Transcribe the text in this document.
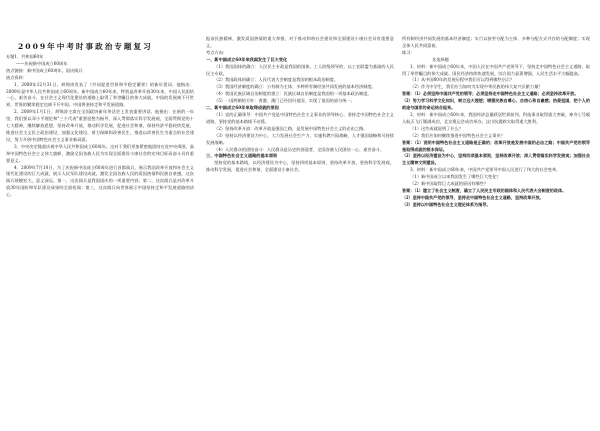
2009年中考时事政治专题复习

专题1、共和国60年

——庆祝新中国成立60周年

热点链接：新中国成立60周年，国庆阅兵

热点资料：

1、2008年12月31日，胡锦涛发表了《共同促进世界和平稳定繁荣》的新年贺词。他指出：2009年是中华人民共和国成立60周年。新中国成立60年来，特别是改革开放30年来，中国人民团结一心、艰苦奋斗，在社会主义现代化建设的道路上取得了举世瞩目的伟大成就。中国的发展离不开世界，世界的繁荣稳定也离不开中国。中国将坚持走和平发展道路。

2、2009年1月1日，胡锦涛主席在全国政协新年茶话会上发表重要讲话。他指出：在新的一年里，我们要以邓小平理论和"三个代表"重要思想为指导，深入贯彻落实科学发展观，全面贯彻党的十七大精神，继续解放思想，坚持改革开放，推动科学发展，促进社会和谐，保持经济平稳较快发展，推进社会主义民主政治建设，加强文化建设，着力保障和改善民生，推进以改善民生为重点的社会建设，努力开创中国特色社会主义事业新局面。

3、中央决定隆重庆祝中华人民共和国成立60周年。这对于我们更加紧密地团结在党中央周围，高举中国特色社会主义伟大旗帜，激励全国各族人民为实现全面建设小康社会的宏伟目标而奋斗具有重要意义。

4、2009年7月10日，为了庆祝新中国成立60周年进行首都阅兵，展示我国改革开放和社会主义现代化建设的巨大成就，展示人民军队建设成就，激发全国各族人民的爱国热情和民族自豪感，这次阅兵规模宏大，意义深远。第一，这次阅兵是我国国庆的一项重要内容；第二，这次阅兵是对改革开放30年国防和军队建设成果的全面检阅；第三，这次阅兵向世界展示中国坚持走和平发展道路的决心。

振奋民族精神，激发爱国热情的重大举措，对于推动和谐社会建设和全面建设小康社会具有重要意义。

考点方向：

一、新中国成立60年来我国发生了巨大变化

（1）我国国体的确立：人民民主专政是我国的国体，工人阶级领导的、以工农联盟为基础的人民民主专政。

（2）我国政体的确立：人民代表大会制度是我国的根本政治制度。

（3）我国经济制度的确立：公有制为主体、多种所有制经济共同发展的基本经济制度。

（4）我国民族区域自治制度的建立：民族区域自治制度是我国的一项基本政治制度。

（5）一国两制的方针：香港、澳门已经回归祖国，实现了祖国的部分统一。

二、新中国成立60年来取得成就的原因

（1）党的正确领导：中国共产党是中国特色社会主义事业的领导核心。坚持走中国特色社会主义道路，坚持党的基本路线不动摇。

（2）坚持改革开放：改革开放是强国之路，是发展中国特色社会主义的必由之路。

（3）坚持以经济建设为中心，大力发展社会生产力，实施科教兴国战略、人才强国战略和可持续发展战略。

（4）人民群众的团结奋斗：人民群众是历史的创造者，全国各族人民团结一心、艰苦奋斗。

三、中国特色社会主义道路的基本原则

坚持党的基本路线，以经济建设为中心，坚持四项基本原则，坚持改革开放，坚持科学发展观，推动科学发展，促进社会和谐，全面建设小康社会。

所有制经济共同发展的基本经济制度；实行以按劳分配为主体、多种分配方式并存的分配制度；实现全体人民共同富裕。

练习：

非选择题

1、材料：新中国成立60年来，中国人民在中国共产党领导下，坚持走中国特色社会主义道路，取得了举世瞩目的伟大成就。国民经济持续快速发展，综合国力显著增强，人民生活水平大幅提高。

（1）从中国60年的发展历程中我们可以得到哪些启示？

（2）作为中学生，我们应当如何为实现中华民族的伟大复兴贡献力量？

答案：（1）必须坚持中国共产党的领导；必须坚持走中国特色社会主义道路；必须坚持改革开放。

（2）努力学习科学文化知识，树立远大理想；增强民族自尊心、自信心和自豪感；热爱祖国，把个人的前途与国家的命运结合起来。

2、材料：新中国成立60年来，我国经济总量跃居世界前列，科技事业取得重大突破，神舟七号载人航天飞行圆满成功，北京奥运会成功举办，汶川抗震救灾取得重大胜利。

（1）这些成就说明了什么？

（2）我们应如何继续推进中国特色社会主义事业？

答案：（1）说明中国特色社会主义道路是正确的；改革开放是发展中国的必由之路；中国共产党的领导是取得成就的根本保证。

（2）坚持以经济建设为中心，坚持四项基本原则，坚持改革开放；深入贯彻落实科学发展观；加强社会主义精神文明建设。

3、材料：新中国成立60年来，中国共产党领导中国人民进行了伟大的社会变革。

（1）新中国成立以来我国发生了哪些巨大变化？

（2）新中国取得巨大成就的原因有哪些？

答案：（1）建立了社会主义制度，确立了人民民主专政的国体和人民代表大会制度的政体。

（2）坚持中国共产党的领导，坚持走中国特色社会主义道路，坚持改革开放。

（3）坚持以中国特色社会主义理论体系为指导。
